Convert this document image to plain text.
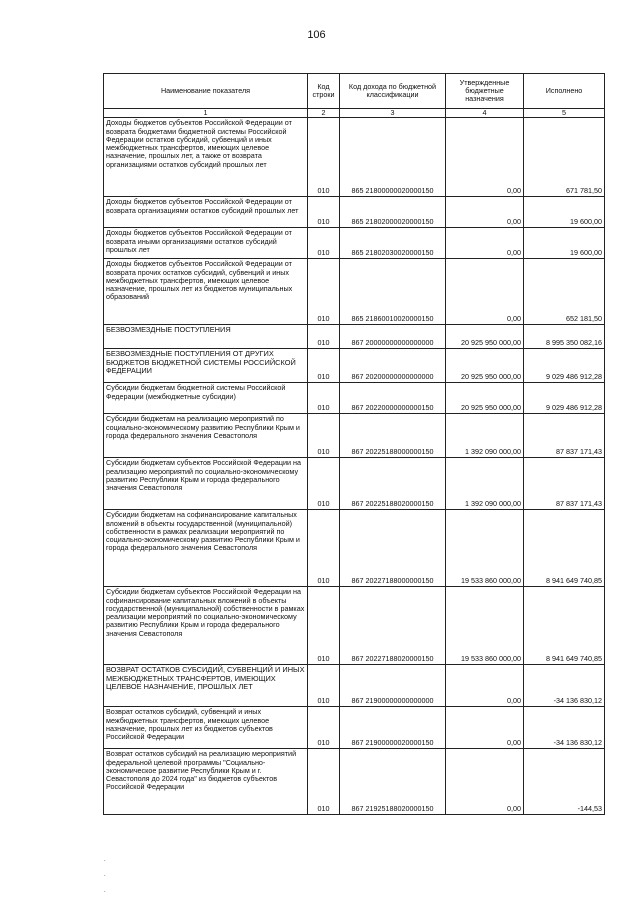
106
Наименование показателя	Код строки	Код дохода по бюджетной классификации	Утвержденные бюджетные назначения	Исполнено
1	2	3	4	5
Доходы бюджетов субъектов Российской Федерации от возврата бюджетами бюджетной системы Российской Федерации остатков субсидий, субвенций и иных межбюджетных трансфертов, имеющих целевое назначение, прошлых лет, а также от возврата организациями остатков субсидий прошлых лет	010	865 21800000020000150	0,00	671 781,50
Доходы бюджетов субъектов Российской Федерации от возврата организациями остатков субсидий прошлых лет	010	865 21802000020000150	0,00	19 600,00
Доходы бюджетов субъектов Российской Федерации от возврата иными организациями остатков субсидий прошлых лет	010	865 21802030020000150	0,00	19 600,00
Доходы бюджетов субъектов Российской Федерации от возврата прочих остатков субсидий, субвенций и иных межбюджетных трансфертов, имеющих целевое назначение, прошлых лет из бюджетов муниципальных образований	010	865 21860010020000150	0,00	652 181,50
БЕЗВОЗМЕЗДНЫЕ ПОСТУПЛЕНИЯ	010	867 20000000000000000	20 925 950 000,00	8 995 350 082,16
БЕЗВОЗМЕЗДНЫЕ ПОСТУПЛЕНИЯ ОТ ДРУГИХ БЮДЖЕТОВ БЮДЖЕТНОЙ СИСТЕМЫ РОССИЙСКОЙ ФЕДЕРАЦИИ	010	867 20200000000000000	20 925 950 000,00	9 029 486 912,28
Субсидии бюджетам бюджетной системы Российской Федерации (межбюджетные субсидии)	010	867 20220000000000150	20 925 950 000,00	9 029 486 912,28
Субсидии бюджетам на реализацию мероприятий по социально-экономическому развитию Республики Крым и города федерального значения Севастополя	010	867 20225188000000150	1 392 090 000,00	87 837 171,43
Субсидии бюджетам субъектов Российской Федерации на реализацию мероприятий по социально-экономическому развитию Республики Крым и города федерального значения Севастополя	010	867 20225188020000150	1 392 090 000,00	87 837 171,43
Субсидии бюджетам на софинансирование капитальных вложений в объекты государственной (муниципальной) собственности в рамках реализации мероприятий по социально-экономическому развитию Республики Крым и города федерального значения Севастополя	010	867 20227188000000150	19 533 860 000,00	8 941 649 740,85
Субсидии бюджетам субъектов Российской Федерации на софинансирование капитальных вложений в объекты государственной (муниципальной) собственности в рамках реализации мероприятий по социально-экономическому развитию Республики Крым и города федерального значения Севастополя	010	867 20227188020000150	19 533 860 000,00	8 941 649 740,85
ВОЗВРАТ ОСТАТКОВ СУБСИДИЙ, СУБВЕНЦИЙ И ИНЫХ МЕЖБЮДЖЕТНЫХ ТРАНСФЕРТОВ, ИМЕЮЩИХ ЦЕЛЕВОЕ НАЗНАЧЕНИЕ, ПРОШЛЫХ ЛЕТ	010	867 21900000000000000	0,00	-34 136 830,12
Возврат остатков субсидий, субвенций и иных межбюджетных трансфертов, имеющих целевое назначение, прошлых лет из бюджетов субъектов Российской Федерации	010	867 21900000020000150	0,00	-34 136 830,12
Возврат остатков субсидий на реализацию мероприятий федеральной целевой программы "Социально-экономическое развитие Республики Крым и г. Севастополя до 2024 года" из бюджетов субъектов Российской Федерации	010	867 21925188020000150	0,00	-144,53
.
.
.
